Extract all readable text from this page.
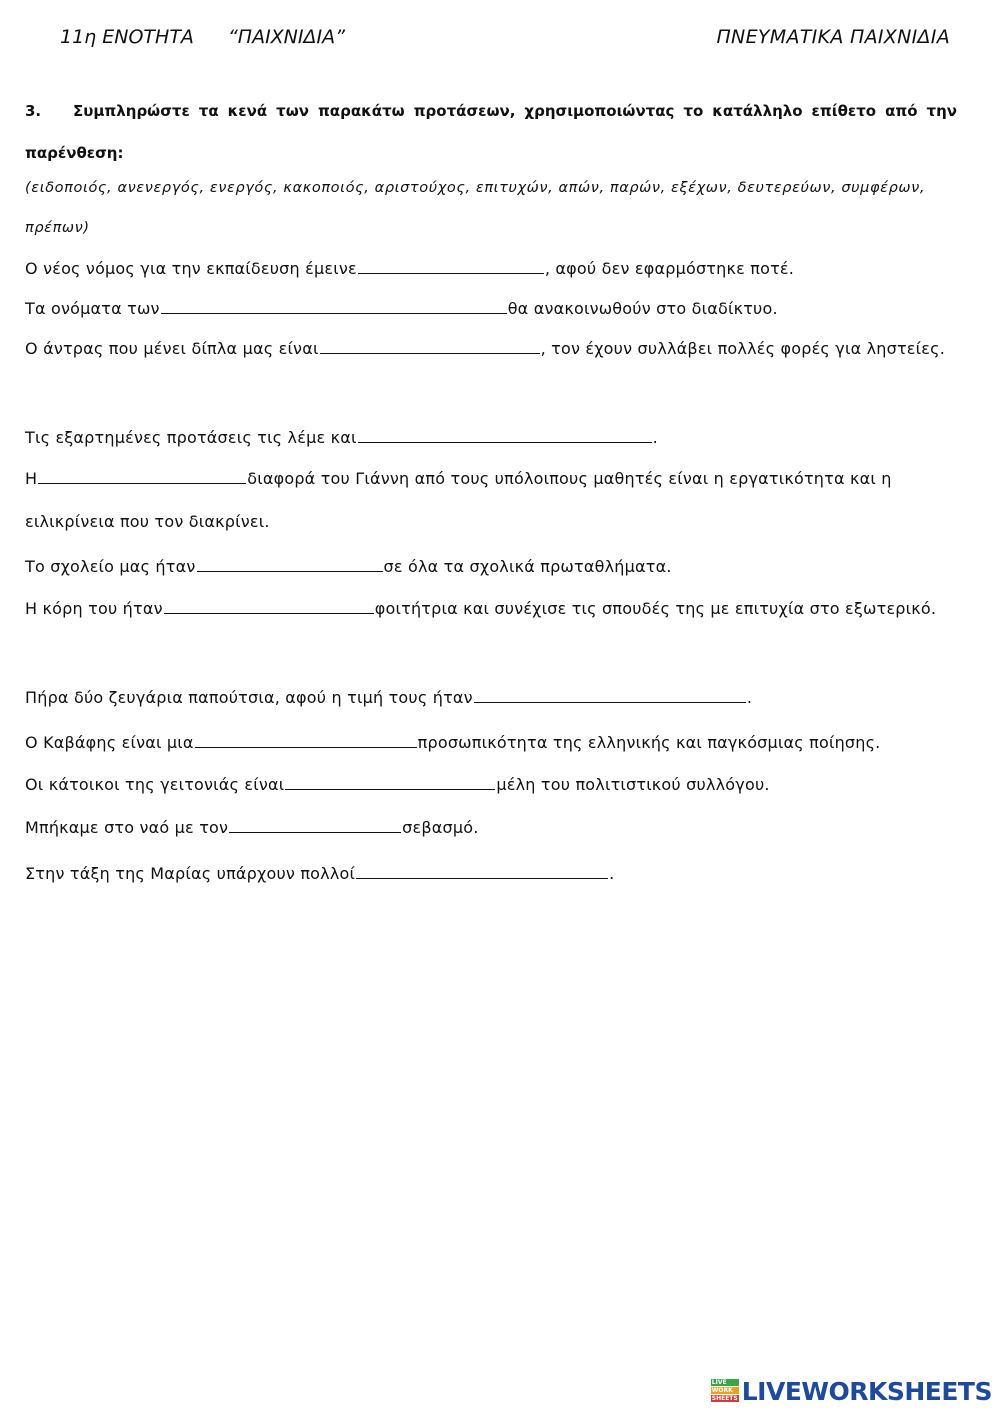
11η ΕΝΟΤΗΤΑ “ΠΑΙΧΝΙΔΙΑ”	ΠΝΕΥΜΑΤΙΚΑ ΠΑΙΧΝΙΔΙΑ
3. Συμπληρώστε τα κενά των παρακάτω προτάσεων, χρησιμοποιώντας το κατάλληλο επίθετο από την παρένθεση:
(ειδοποιός, ανενεργός, ενεργός, κακοποιός, αριστούχος, επιτυχών, απών, παρών, εξέχων, δευτερεύων, συμφέρων, πρέπων)
Ο νέος νόμος για την εκπαίδευση έμεινε	, αφού δεν εφαρμόστηκε ποτέ.
Τα ονόματα των	θα ανακοινωθούν στο διαδίκτυο.
Ο άντρας που μένει δίπλα μας είναι	, τον έχουν συλλάβει πολλές φορές για ληστείες.
Τις εξαρτημένες προτάσεις τις λέμε και	.
Η	διαφορά του Γιάννη από τους υπόλοιπους μαθητές είναι η εργατικότητα και η ειλικρίνεια που τον διακρίνει.
Το σχολείο μας ήταν	σε όλα τα σχολικά πρωταθλήματα.
Η κόρη του ήταν	φοιτήτρια και συνέχισε τις σπουδές της με επιτυχία στο εξωτερικό.
Πήρα δύο ζευγάρια παπούτσια, αφού η τιμή τους ήταν	.
Ο Καβάφης είναι μια	προσωπικότητα της ελληνικής και παγκόσμιας ποίησης.
Οι κάτοικοι της γειτονιάς είναι	μέλη του πολιτιστικού συλλόγου.
Μπήκαμε στο ναό με τον	σεβασμό.
Στην τάξη της Μαρίας υπάρχουν πολλοί	.
LIVE
WORK
SHEETS LIVEWORKSHEETS
